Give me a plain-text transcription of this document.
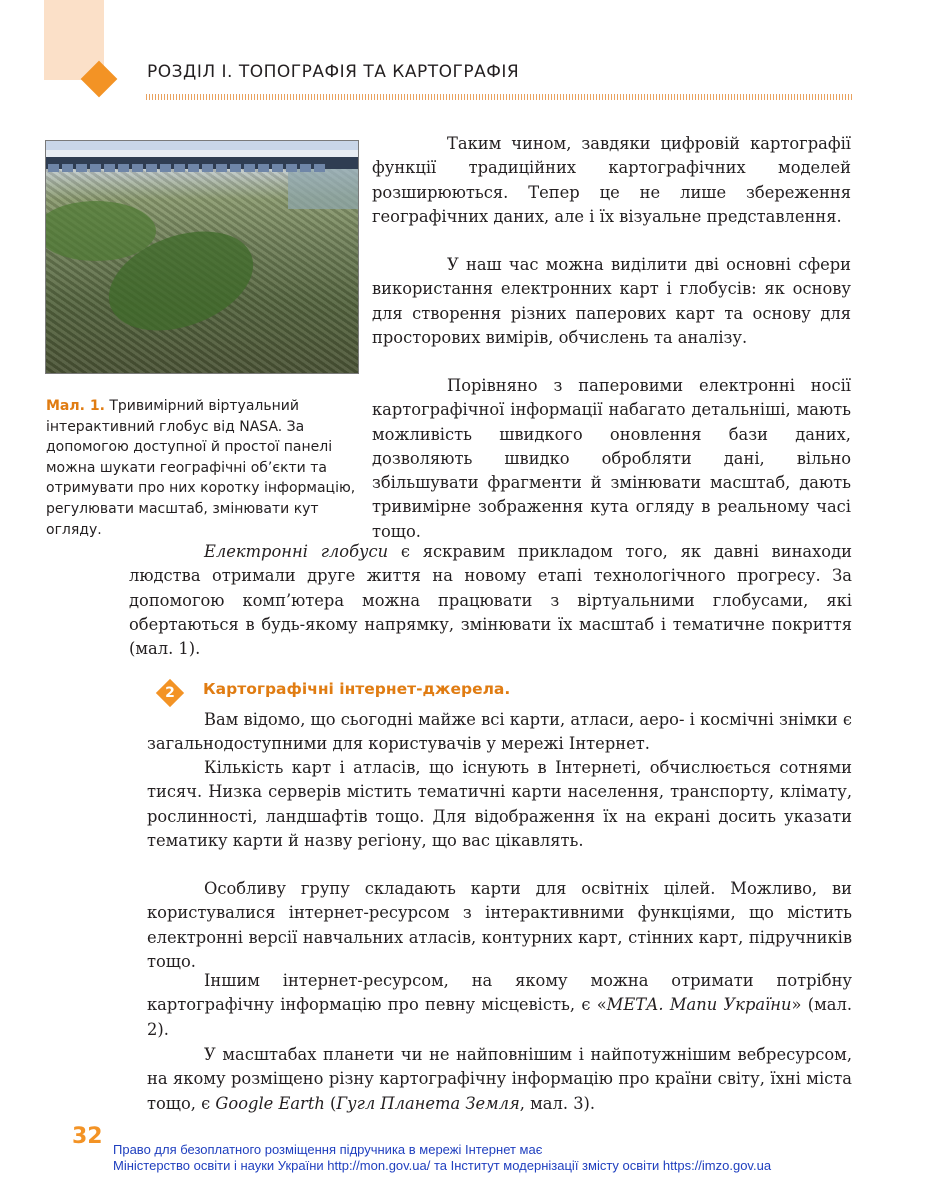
РОЗДІЛ І. ТОПОГРАФІЯ ТА КАРТОГРАФІЯ
Мал. 1. Тривимірний віртуальний інтерактивний глобус від NASA. За допомогою доступної й простої панелі можна шукати географічні об’єкти та отримувати про них коротку інформацію, регулювати масштаб, змінювати кут огляду.

Таким чином, завдяки цифровій картографії функції традиційних картографічних моделей розширюються. Тепер це не лише збереження географічних даних, але і їх візуальне представлення.

У наш час можна виділити дві основні сфери використання електронних карт і глобусів: як основу для створення різних паперових карт та основу для просторових вимірів, обчислень та аналізу.

Порівняно з паперовими електронні носії картографічної інформації набагато детальніші, мають можливість швидкого оновлення бази даних, дозволяють швидко обробляти дані, вільно збільшувати фрагменти й змінювати масштаб, дають тривимірне зображення кута огляду в реальному часі тощо.

Електронні глобуси є яскравим прикладом того, як давні винаходи людства отримали друге життя на новому етапі технологічного прогресу. За допомогою комп’ютера можна працювати з віртуальними глобусами, які обертаються в будь-якому напрямку, змінювати їх масштаб і тематичне покриття (мал. 1).

2	Картографічні інтернет-джерела.

Вам відомо, що сьогодні майже всі карти, атласи, аеро- і космічні знімки є загальнодоступними для користувачів у мережі Інтернет.

Кількість карт і атласів, що існують в Інтернеті, обчислюється сотнями тисяч. Низка серверів містить тематичні карти населення, транспорту, клімату, рослинності, ландшафтів тощо. Для відображення їх на екрані досить указати тематику карти й назву регіону, що вас цікавлять.

Особливу групу складають карти для освітніх цілей. Можливо, ви користувалися інтернет-ресурсом з інтерактивними функціями, що містить електронні версії навчальних атласів, контурних карт, стінних карт, підручників тощо.

Іншим інтернет-ресурсом, на якому можна отримати потрібну картографічну інформацію про певну місцевість, є «МЕТА. Мапи України» (мал. 2).

У масштабах планети чи не найповнішим і найпотужнішим вебресурсом, на якому розміщено різну картографічну інформацію про країни світу, їхні міста тощо, є Google Earth (Гугл Планета Земля, мал. 3).

32
Право для безоплатного розміщення підручника в мережі Інтернет має
Міністерство освіти і науки України http://mon.gov.ua/ та Інститут модернізації змісту освіти https://imzo.gov.ua
